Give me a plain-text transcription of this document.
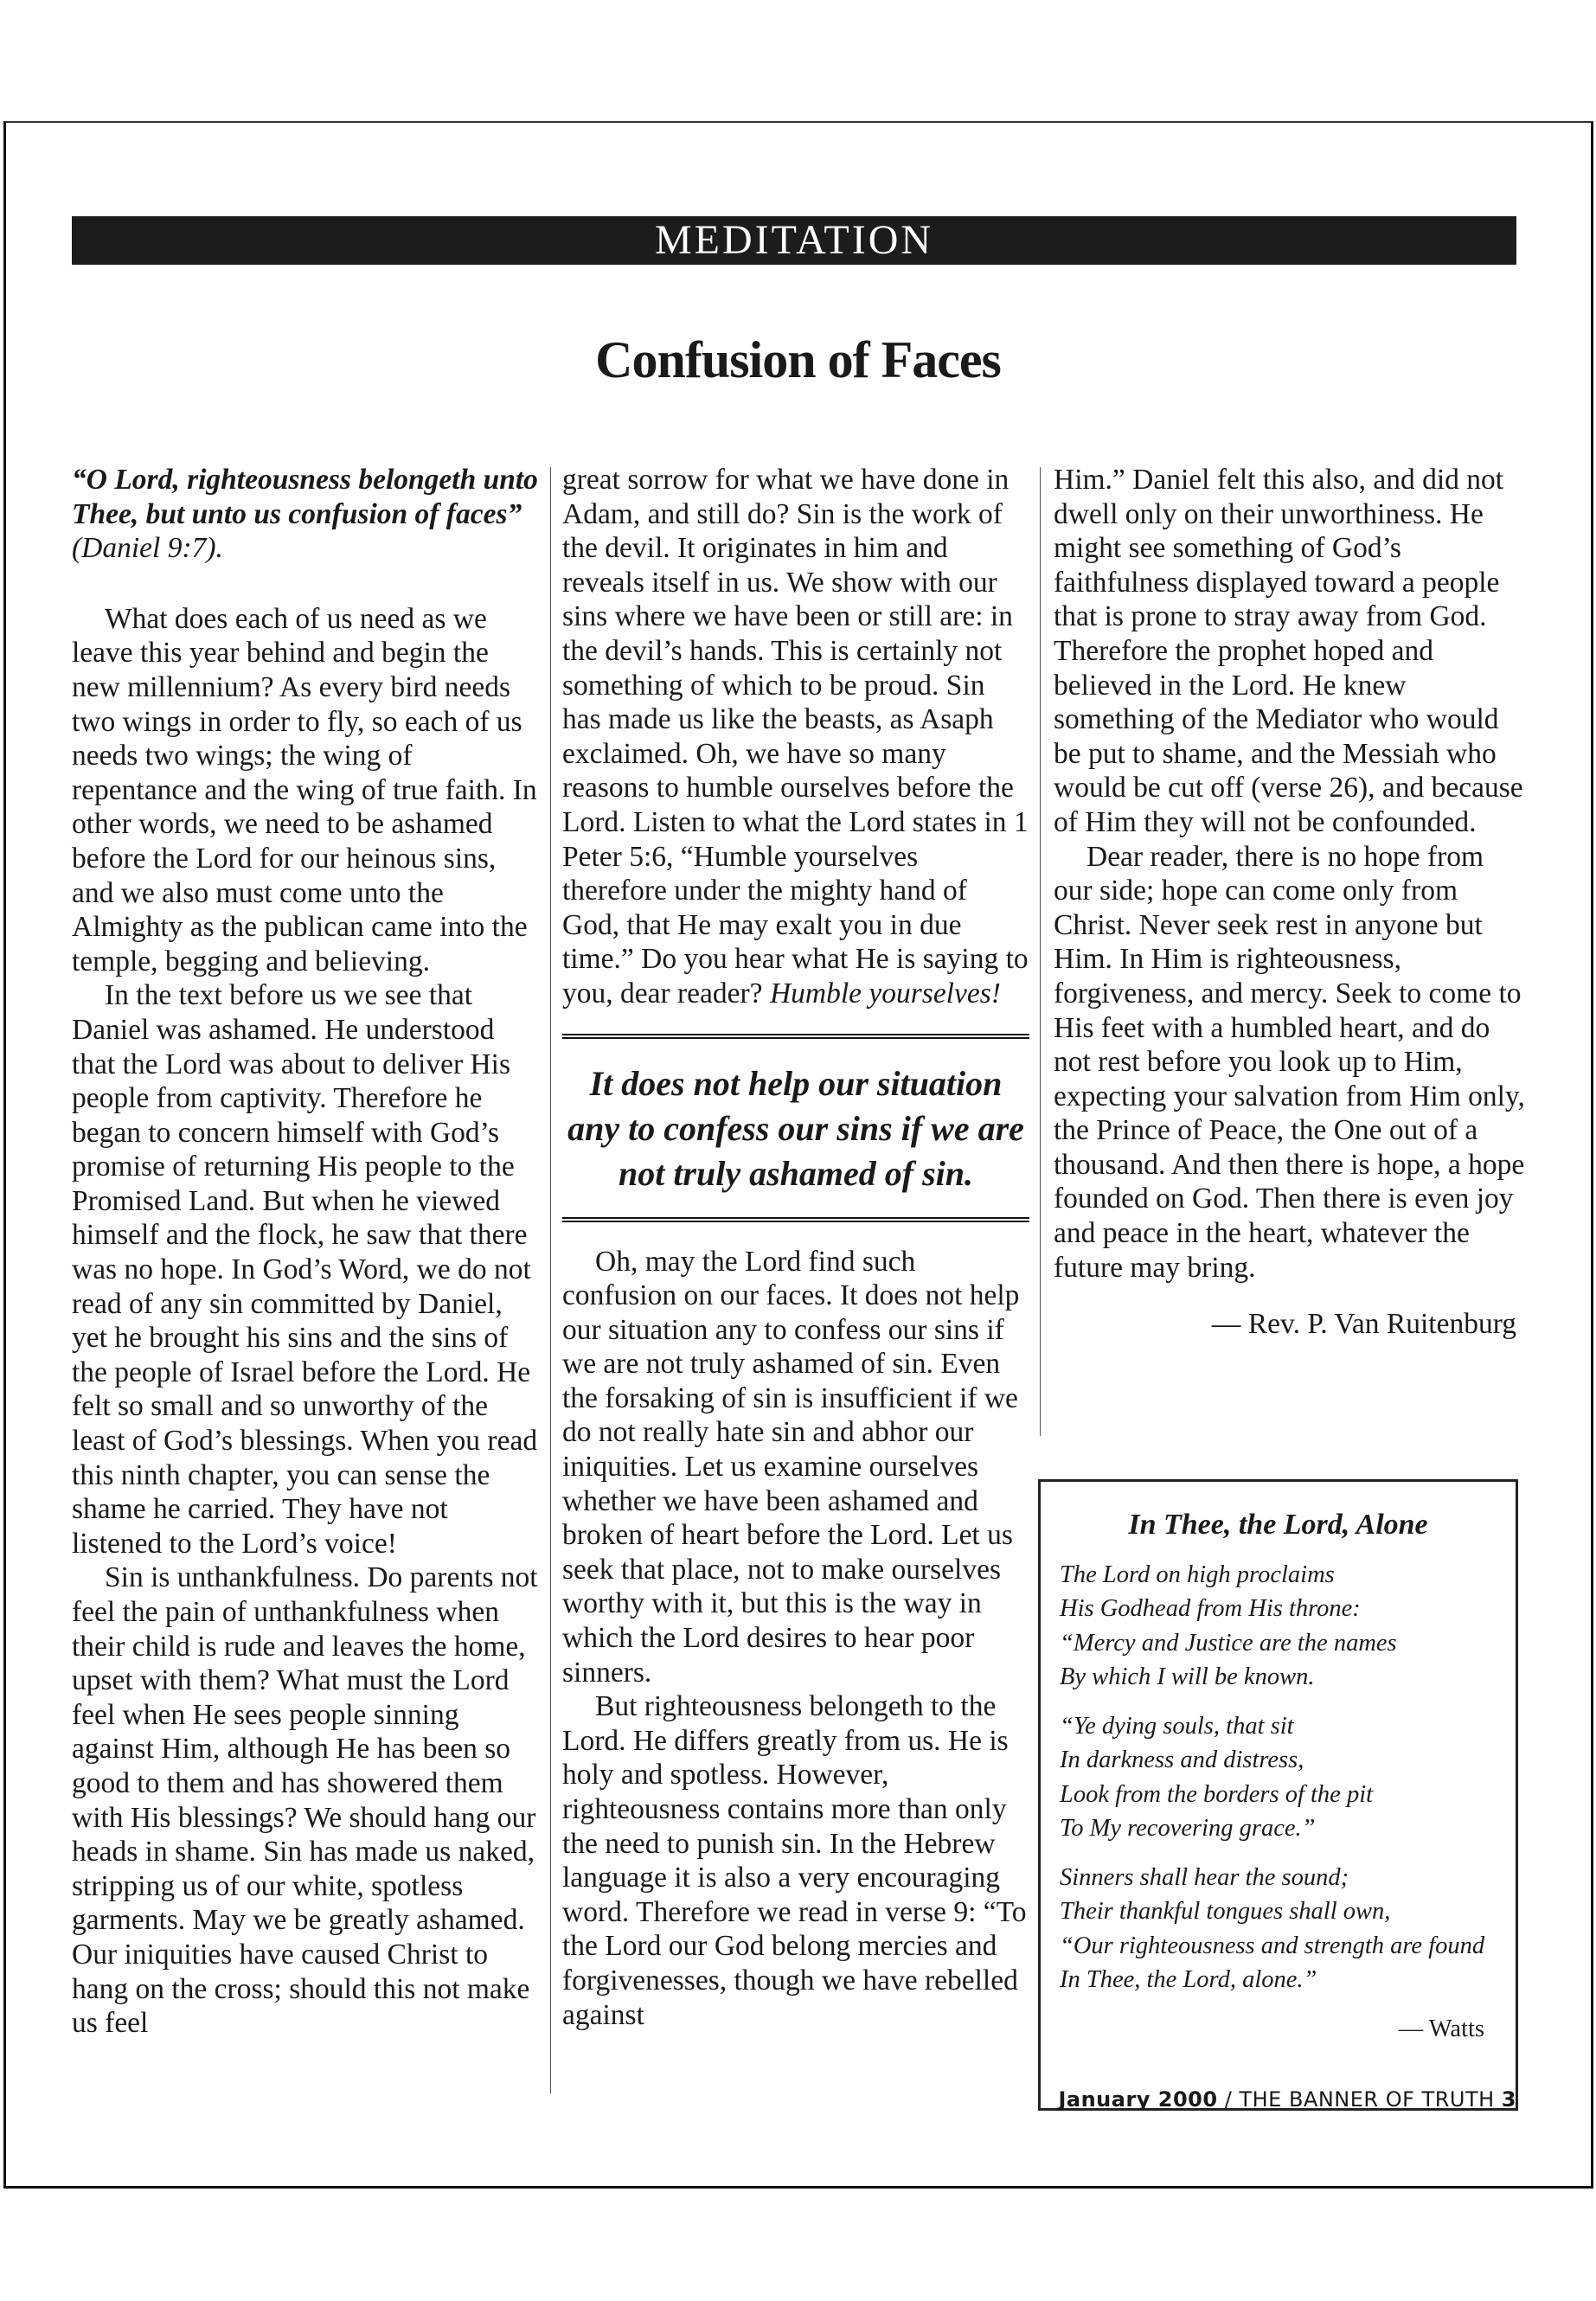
MEDITATION
Confusion of Faces

“O Lord, righteousness belongeth unto Thee, but unto us confusion of faces” (Daniel 9:7).

What does each of us need as we leave this year behind and begin the new millennium? As every bird needs two wings in order to fly, so each of us needs two wings; the wing of repentance and the wing of true faith. In other words, we need to be ashamed before the Lord for our heinous sins, and we also must come unto the Almighty as the publican came into the temple, begging and believing.

In the text before us we see that Daniel was ashamed. He understood that the Lord was about to deliver His people from captivity. Therefore he began to concern himself with God’s promise of returning His people to the Promised Land. But when he viewed himself and the flock, he saw that there was no hope. In God’s Word, we do not read of any sin committed by Daniel, yet he brought his sins and the sins of the people of Israel before the Lord. He felt so small and so unworthy of the least of God’s blessings. When you read this ninth chapter, you can sense the shame he carried. They have not listened to the Lord’s voice!

Sin is unthankfulness. Do parents not feel the pain of unthankfulness when their child is rude and leaves the home, upset with them? What must the Lord feel when He sees people sinning against Him, although He has been so good to them and has showered them with His blessings? We should hang our heads in shame. Sin has made us naked, stripping us of our white, spotless garments. May we be greatly ashamed. Our iniquities have caused Christ to hang on the cross; should this not make us feel

great sorrow for what we have done in Adam, and still do? Sin is the work of the devil. It originates in him and reveals itself in us. We show with our sins where we have been or still are: in the devil’s hands. This is certainly not something of which to be proud. Sin has made us like the beasts, as Asaph exclaimed. Oh, we have so many reasons to humble ourselves before the Lord. Listen to what the Lord states in 1 Peter 5:6, “Humble yourselves therefore under the mighty hand of God, that He may exalt you in due time.” Do you hear what He is saying to you, dear reader? Humble yourselves!

It does not help our situation any to confess our sins if we are not truly ashamed of sin.

Oh, may the Lord find such confusion on our faces. It does not help our situation any to confess our sins if we are not truly ashamed of sin. Even the forsaking of sin is insufficient if we do not really hate sin and abhor our iniquities. Let us examine ourselves whether we have been ashamed and broken of heart before the Lord. Let us seek that place, not to make ourselves worthy with it, but this is the way in which the Lord desires to hear poor sinners.

But righteousness belongeth to the Lord. He differs greatly from us. He is holy and spotless. However, righteousness contains more than only the need to punish sin. In the Hebrew language it is also a very encouraging word. Therefore we read in verse 9: “To the Lord our God belong mercies and forgivenesses, though we have rebelled against

Him.” Daniel felt this also, and did not dwell only on their unworthiness. He might see something of God’s faithfulness displayed toward a people that is prone to stray away from God. Therefore the prophet hoped and believed in the Lord. He knew something of the Mediator who would be put to shame, and the Messiah who would be cut off (verse 26), and because of Him they will not be confounded.

Dear reader, there is no hope from our side; hope can come only from Christ. Never seek rest in anyone but Him. In Him is righteousness, forgiveness, and mercy. Seek to come to His feet with a humbled heart, and do not rest before you look up to Him, expecting your salvation from Him only, the Prince of Peace, the One out of a thousand. And then there is hope, a hope founded on God. Then there is even joy and peace in the heart, whatever the future may bring.

— Rev. P. Van Ruitenburg

In Thee, the Lord, Alone
The Lord on high proclaims
His Godhead from His throne:
“Mercy and Justice are the names
By which I will be known.
“Ye dying souls, that sit
In darkness and distress,
Look from the borders of the pit
To My recovering grace.”
Sinners shall hear the sound;
Their thankful tongues shall own,
“Our righteousness and strength are found
In Thee, the Lord, alone.”
— Watts
January 2000 / THE BANNER OF TRUTH 3
